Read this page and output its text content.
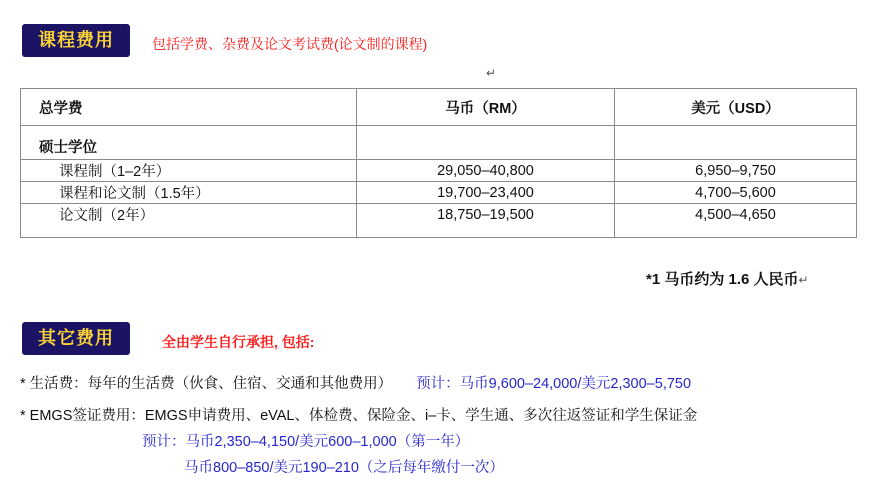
课程费用	包括学费、杂费及论文考试费(论文制的课程)
↵
总学费	马币（RM）	美元（USD）
硕士学位		
课程制（1–2年）	29,050–40,800	6,950–9,750
课程和论文制（1.5年）	19,700–23,400	4,700–5,600
论文制（2年）	18,750–19,500	4,500–4,650
*1 马币约为 1.6 人民币↵
其它费用	全由学生自行承担, 包括:
* 生活费：每年的生活费（伙食、住宿、交通和其他费用） 预计：马币9,600–24,000/美元2,300–5,750
* EMGS签证费用：EMGS申请费用、eVAL、体检费、保险金、i–卡、学生通、多次往返签证和学生保证金
预计：马币2,350–4,150/美元600–1,000（第一年）
马币800–850/美元190–210（之后每年缴付一次）
